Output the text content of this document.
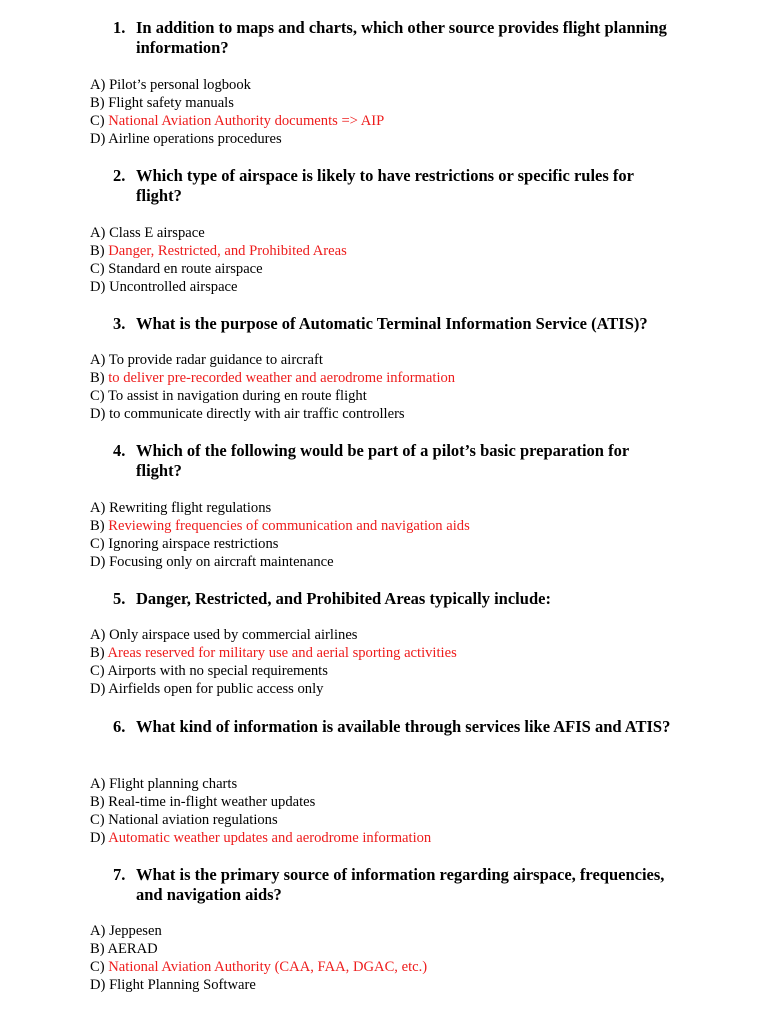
1. In addition to maps and charts, which other source provides flight planning information?
A) Pilot’s personal logbook
B) Flight safety manuals
C) National Aviation Authority documents => AIP
D) Airline operations procedures
2. Which type of airspace is likely to have restrictions or specific rules for flight?
A) Class E airspace
B) Danger, Restricted, and Prohibited Areas
C) Standard en route airspace
D) Uncontrolled airspace
3. What is the purpose of Automatic Terminal Information Service (ATIS)?
A) To provide radar guidance to aircraft
B) to deliver pre-recorded weather and aerodrome information
C) To assist in navigation during en route flight
D) to communicate directly with air traffic controllers
4. Which of the following would be part of a pilot’s basic preparation for flight?
A) Rewriting flight regulations
B) Reviewing frequencies of communication and navigation aids
C) Ignoring airspace restrictions
D) Focusing only on aircraft maintenance
5. Danger, Restricted, and Prohibited Areas typically include:
A) Only airspace used by commercial airlines
B) Areas reserved for military use and aerial sporting activities
C) Airports with no special requirements
D) Airfields open for public access only
6. What kind of information is available through services like AFIS and ATIS?
A) Flight planning charts
B) Real-time in-flight weather updates
C) National aviation regulations
D) Automatic weather updates and aerodrome information
7. What is the primary source of information regarding airspace, frequencies, and navigation aids?
A) Jeppesen
B) AERAD
C) National Aviation Authority (CAA, FAA, DGAC, etc.)
D) Flight Planning Software
